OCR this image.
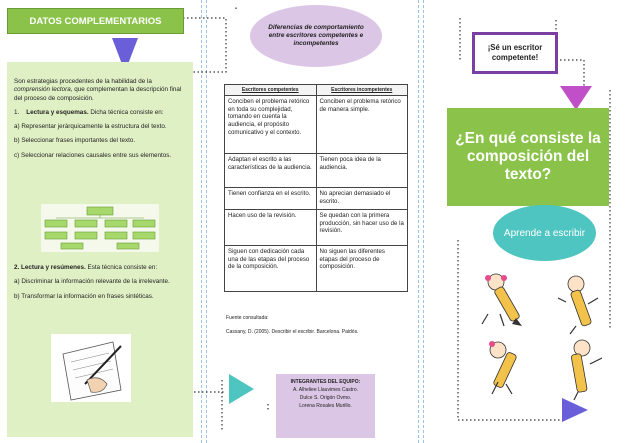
DATOS COMPLEMENTARIOS

Son estrategias procedentes de la habilidad de la comprensión lectora, que complementan la descripción final del proceso de composición.

1. Lectura y esquemas. Dicha técnica consiste en:

a) Representar jerárquicamente la estructura del texto.

b) Seleccionar frases importantes del texto.

c) Seleccionar relaciones causales entre sus elementos.

2. Lectura y resúmenes. Esta técnica consiste en:

a) Discriminar la información relevante de la irrelevante.

b) Transformar la información en frases sintéticas.

Diferencias de comportamiento entre escritores competentes e incompetentes
Escritores competentes	Escritores incompetentes
Conciben el problema retórico en toda su complejidad, tomando en cuenta la audiencia, el propósito comunicativo y el contexto.	Conciben el problema retórico de manera simple.
Adaptan el escrito a las características de la audiencia.	Tienen poca idea de la audiencia.
Tienen confianza en el escrito.	No aprecian demasiado el escrito.
Hacen uso de la revisión.	Se quedan con la primera producción, sin hacer uso de la revisión.
Siguen con dedicación cada una de las etapas del proceso de la composición.	No siguen las diferentes etapas del proceso de composición.
Fuente consultada:
Cassany, D. (2005). Describir el escribir. Barcelona. Paidós.
INTEGRANTES DEL EQUIPO:
A. Alheliee Llauvimes Castro.
Dulce S. Origón Ovmo.
Lorena Rosales Murillo.
¡Sé un escritor competente!
¿En qué consiste la composición del texto?
Aprende a escribir
